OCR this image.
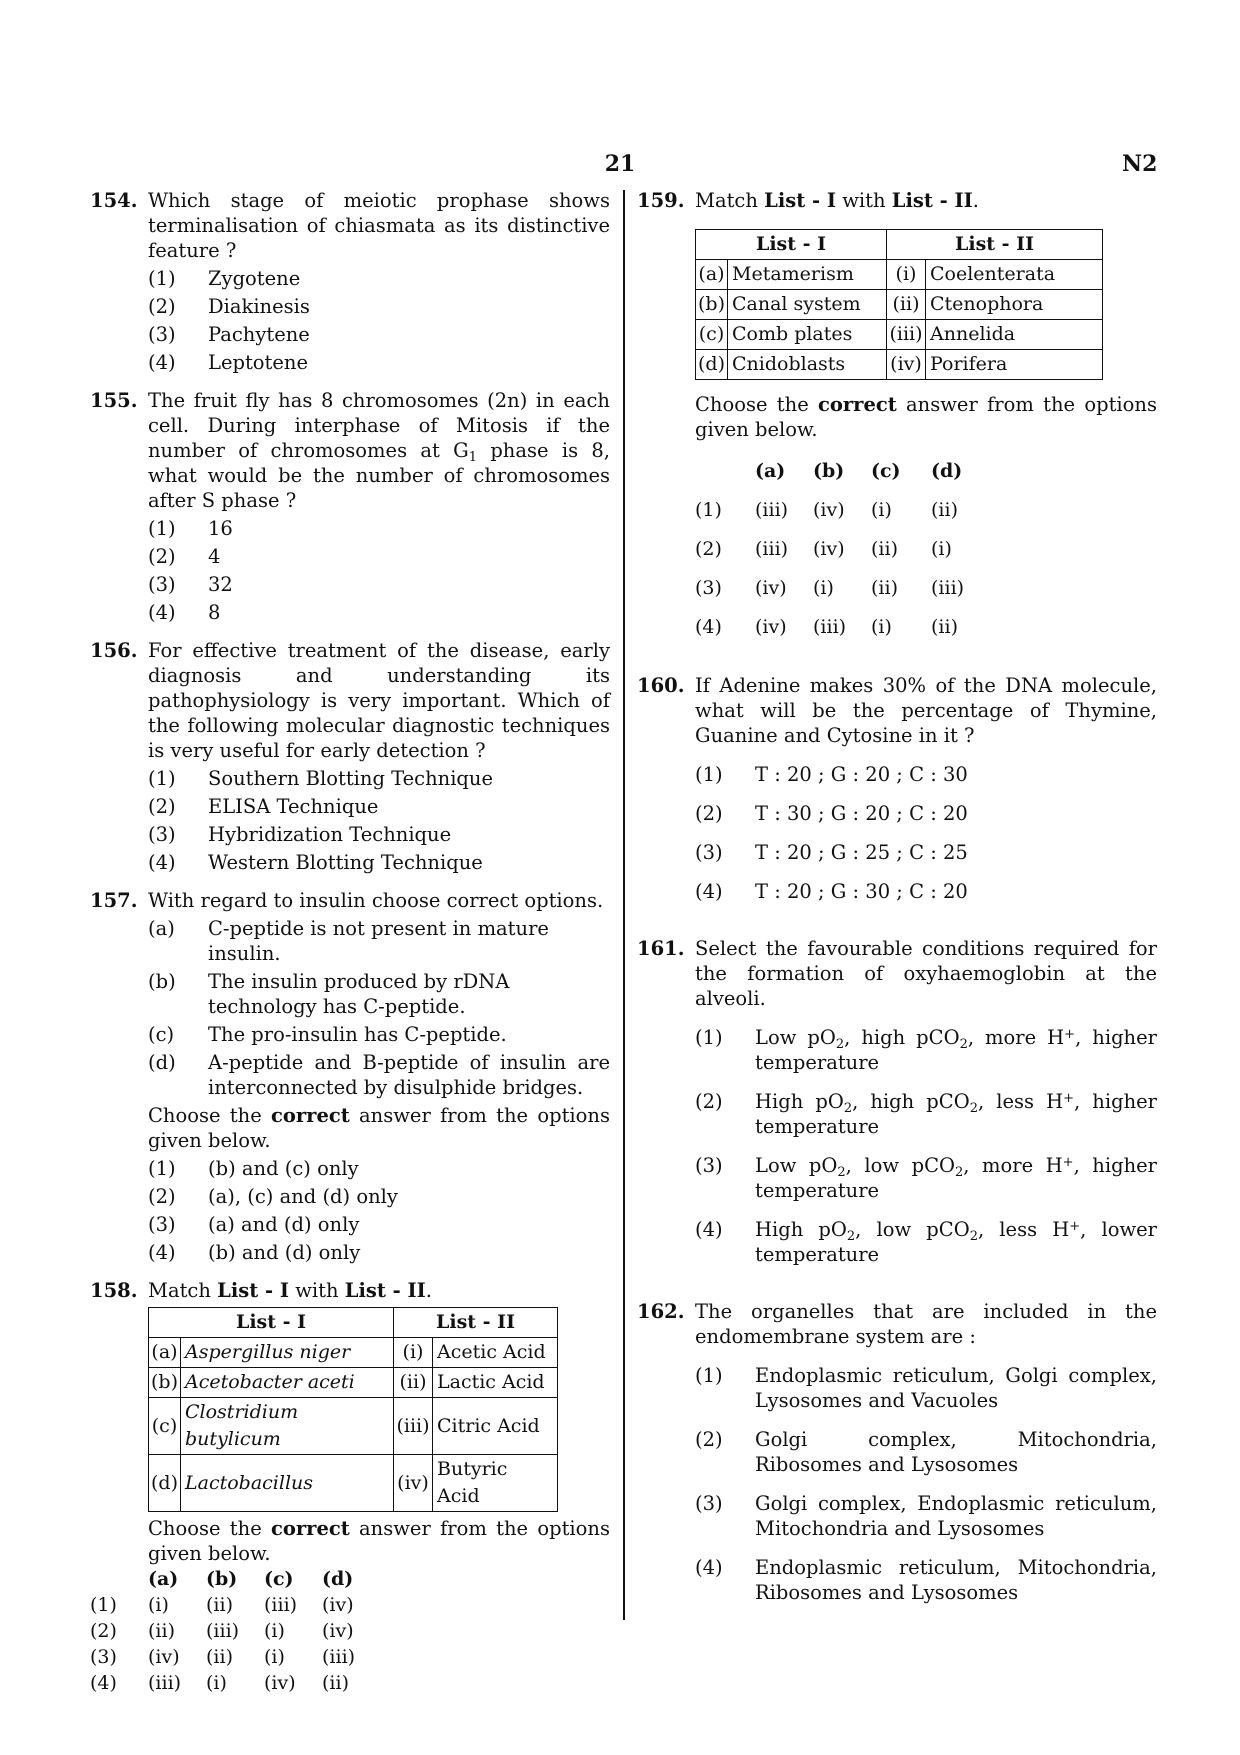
21	N2
154. Which stage of meiotic prophase shows terminalisation of chiasmata as its distinctive feature ?
(1) Zygotene
(2) Diakinesis
(3) Pachytene
(4) Leptotene
155. The fruit fly has 8 chromosomes (2n) in each cell. During interphase of Mitosis if the number of chromosomes at $G_1$ phase is 8, what would be the number of chromosomes after S phase ?
(1) 16
(2) 4
(3) 32
(4) 8
156. For effective treatment of the disease, early diagnosis and understanding its pathophysiology is very important. Which of the following molecular diagnostic techniques is very useful for early detection ?
(1) Southern Blotting Technique
(2) ELISA Technique
(3) Hybridization Technique
(4) Western Blotting Technique
157. With regard to insulin choose correct options.
(a) C-peptide is not present in mature insulin.
(b) The insulin produced by rDNA technology has C-peptide.
(c) The pro-insulin has C-peptide.
(d) A-peptide and B-peptide of insulin are interconnected by disulphide bridges.
Choose the correct answer from the options given below.
(1) (b) and (c) only
(2) (a), (c) and (d) only
(3) (a) and (d) only
(4) (b) and (d) only
158. Match List - I with List - II.
List - I		List - II	
(a)	Aspergillus niger	(i)	Acetic Acid
(b)	Acetobacter aceti	(ii)	Lactic Acid
(c)	Clostridium butylicum	(iii)	Citric Acid
(d)	Lactobacillus	(iv)	Butyric Acid
Choose the correct answer from the options given below.
	(a)	(b)	(c)	(d)
(1)	(i)	(ii)	(iii)	(iv)
(2)	(ii)	(iii)	(i)	(iv)
(3)	(iv)	(ii)	(i)	(iii)
(4)	(iii)	(i)	(iv)	(ii)
159. Match List - I with List - II.
List - I		List - II	
(a)	Metamerism	(i)	Coelenterata
(b)	Canal system	(ii)	Ctenophora
(c)	Comb plates	(iii)	Annelida
(d)	Cnidoblasts	(iv)	Porifera
Choose the correct answer from the options given below.
	(a)	(b)	(c)	(d)
(1)	(iii)	(iv)	(i)	(ii)
(2)	(iii)	(iv)	(ii)	(i)
(3)	(iv)	(i)	(ii)	(iii)
(4)	(iv)	(iii)	(i)	(ii)
160. If Adenine makes 30% of the DNA molecule, what will be the percentage of Thymine, Guanine and Cytosine in it ?
(1) T : 20 ; G : 20 ; C : 30
(2) T : 30 ; G : 20 ; C : 20
(3) T : 20 ; G : 25 ; C : 25
(4) T : 20 ; G : 30 ; C : 20
161. Select the favourable conditions required for the formation of oxyhaemoglobin at the alveoli.
(1) Low $pO_2$, high pCO$_2$, more H+, higher temperature
(2) High $pO_2$, high pCO$_2$, less H+, higher temperature
(3) Low $pO_2$, low pCO$_2$, more H+, higher temperature
(4) High $pO_2$, low pCO$_2$, less H+, lower temperature
162. The organelles that are included in the endomembrane system are :
(1) Endoplasmic reticulum, Golgi complex, Lysosomes and Vacuoles
(2) Golgi complex, Mitochondria, Ribosomes and Lysosomes
(3) Golgi complex, Endoplasmic reticulum, Mitochondria and Lysosomes
(4) Endoplasmic reticulum, Mitochondria, Ribosomes and Lysosomes
